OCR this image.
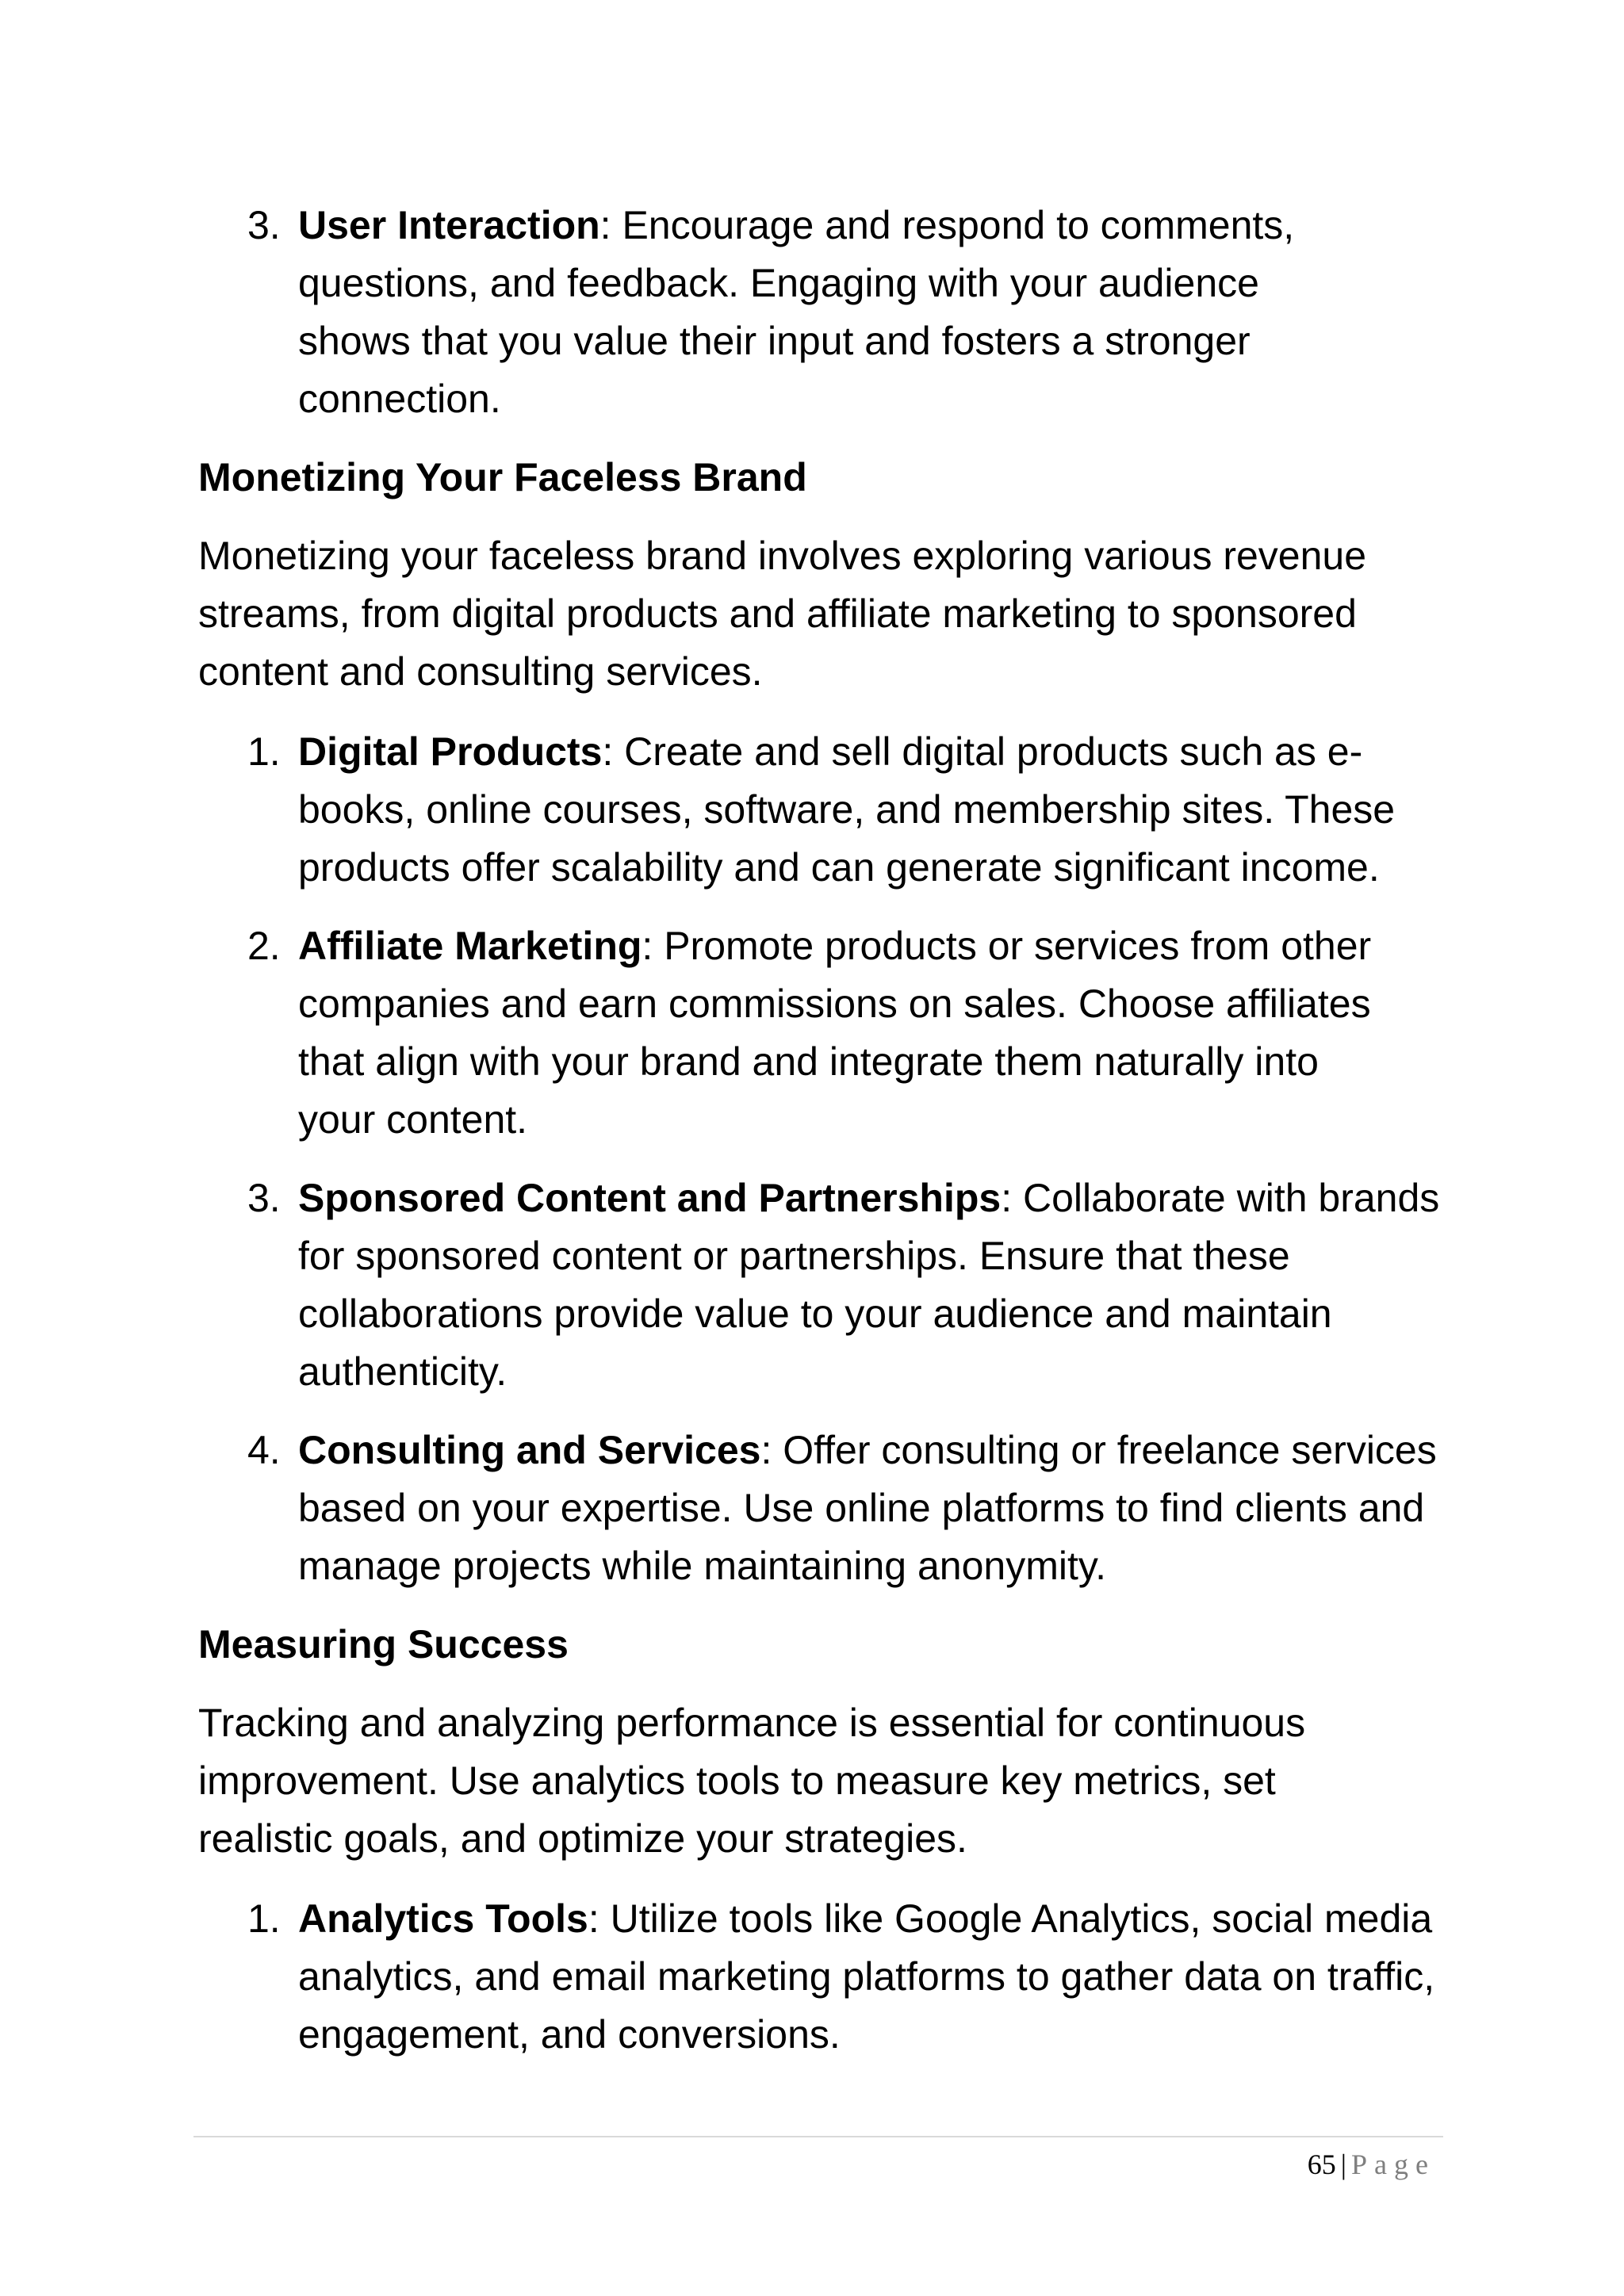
3. User Interaction: Encourage and respond to comments, questions, and feedback. Engaging with your audience shows that you value their input and fosters a stronger connection.
Monetizing Your Faceless Brand
Monetizing your faceless brand involves exploring various revenue streams, from digital products and affiliate marketing to sponsored content and consulting services.
1. Digital Products: Create and sell digital products such as e-books, online courses, software, and membership sites. These products offer scalability and can generate significant income.
2. Affiliate Marketing: Promote products or services from other companies and earn commissions on sales. Choose affiliates that align with your brand and integrate them naturally into your content.
3. Sponsored Content and Partnerships: Collaborate with brands for sponsored content or partnerships. Ensure that these collaborations provide value to your audience and maintain authenticity.
4. Consulting and Services: Offer consulting or freelance services based on your expertise. Use online platforms to find clients and manage projects while maintaining anonymity.
Measuring Success
Tracking and analyzing performance is essential for continuous improvement. Use analytics tools to measure key metrics, set realistic goals, and optimize your strategies.
1. Analytics Tools: Utilize tools like Google Analytics, social media analytics, and email marketing platforms to gather data on traffic, engagement, and conversions.
65 | Page
